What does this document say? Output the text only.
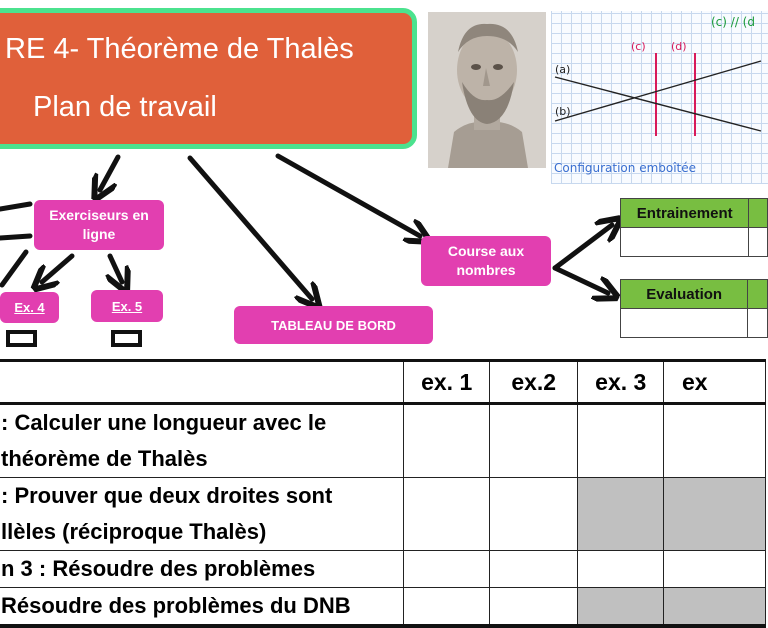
RE 4- Théorème de Thalès
Plan de travail
(c) // (d
(c) (d)
(a)
(b)
Configuration emboîtée
Exerciseurs en ligne
Ex. 4	Ex. 5
TABLEAU DE BORD
Course aux nombres
Entrainement	

Evaluation	

	ex. 1	ex.2	ex. 3	ex

: Calculer une longueur avec le
théorème de Thalès				

: Prouver que deux droites sont
llèles (réciproque Thalès)				

n 3 : Résoudre des problèmes				
Résoudre des problèmes du DNB				
